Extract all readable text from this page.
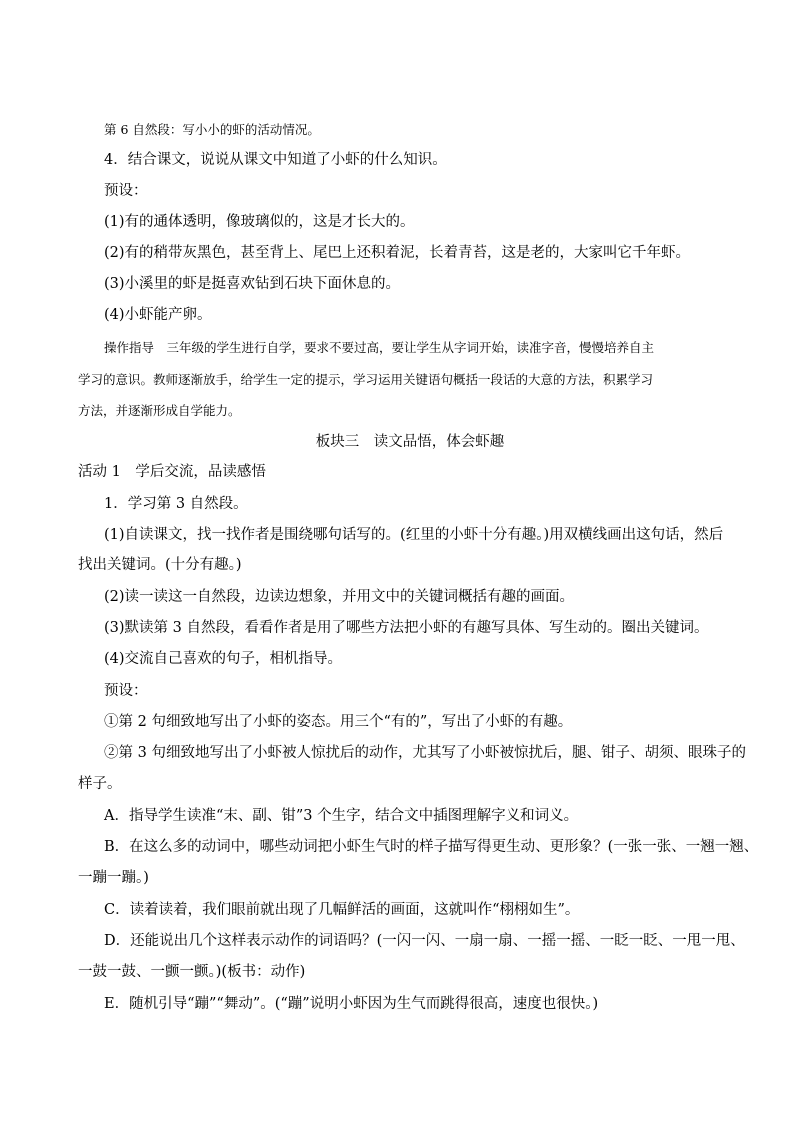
第 6 自然段：写小小的虾的活动情况。
4．结合课文，说说从课文中知道了小虾的什么知识。
预设：
(1)有的通体透明，像玻璃似的，这是才长大的。
(2)有的稍带灰黑色，甚至背上、尾巴上还积着泥，长着青苔，这是老的，大家叫它千年虾。
(3)小溪里的虾是挺喜欢钻到石块下面休息的。
(4)小虾能产卵。
操作指导　三年级的学生进行自学，要求不要过高，要让学生从字词开始，读准字音，慢慢培养自主
学习的意识。教师逐渐放手，给学生一定的提示，学习运用关键语句概括一段话的大意的方法，积累学习
方法，并逐渐形成自学能力。
板块三　读文品悟，体会虾趣
活动 1　学后交流，品读感悟
1．学习第 3 自然段。
(1)自读课文，找一找作者是围绕哪句话写的。(红里的小虾十分有趣。)用双横线画出这句话，然后
找出关键词。(十分有趣。)
(2)读一读这一自然段，边读边想象，并用文中的关键词概括有趣的画面。
(3)默读第 3 自然段，看看作者是用了哪些方法把小虾的有趣写具体、写生动的。圈出关键词。
(4)交流自己喜欢的句子，相机指导。
预设：
①第 2 句细致地写出了小虾的姿态。用三个“有的”，写出了小虾的有趣。
②第 3 句细致地写出了小虾被人惊扰后的动作，尤其写了小虾被惊扰后，腿、钳子、胡须、眼珠子的
样子。
A．指导学生读准“末、副、钳”3 个生字，结合文中插图理解字义和词义。
B．在这么多的动词中，哪些动词把小虾生气时的样子描写得更生动、更形象？(一张一张、一翘一翘、
一蹦一蹦。)
C．读着读着，我们眼前就出现了几幅鲜活的画面，这就叫作“栩栩如生”。
D．还能说出几个这样表示动作的词语吗？(一闪一闪、一扇一扇、一摇一摇、一眨一眨、一甩一甩、
一鼓一鼓、一颤一颤。)(板书：动作)
E．随机引导“蹦”“舞动”。(“蹦”说明小虾因为生气而跳得很高，速度也很快。)
